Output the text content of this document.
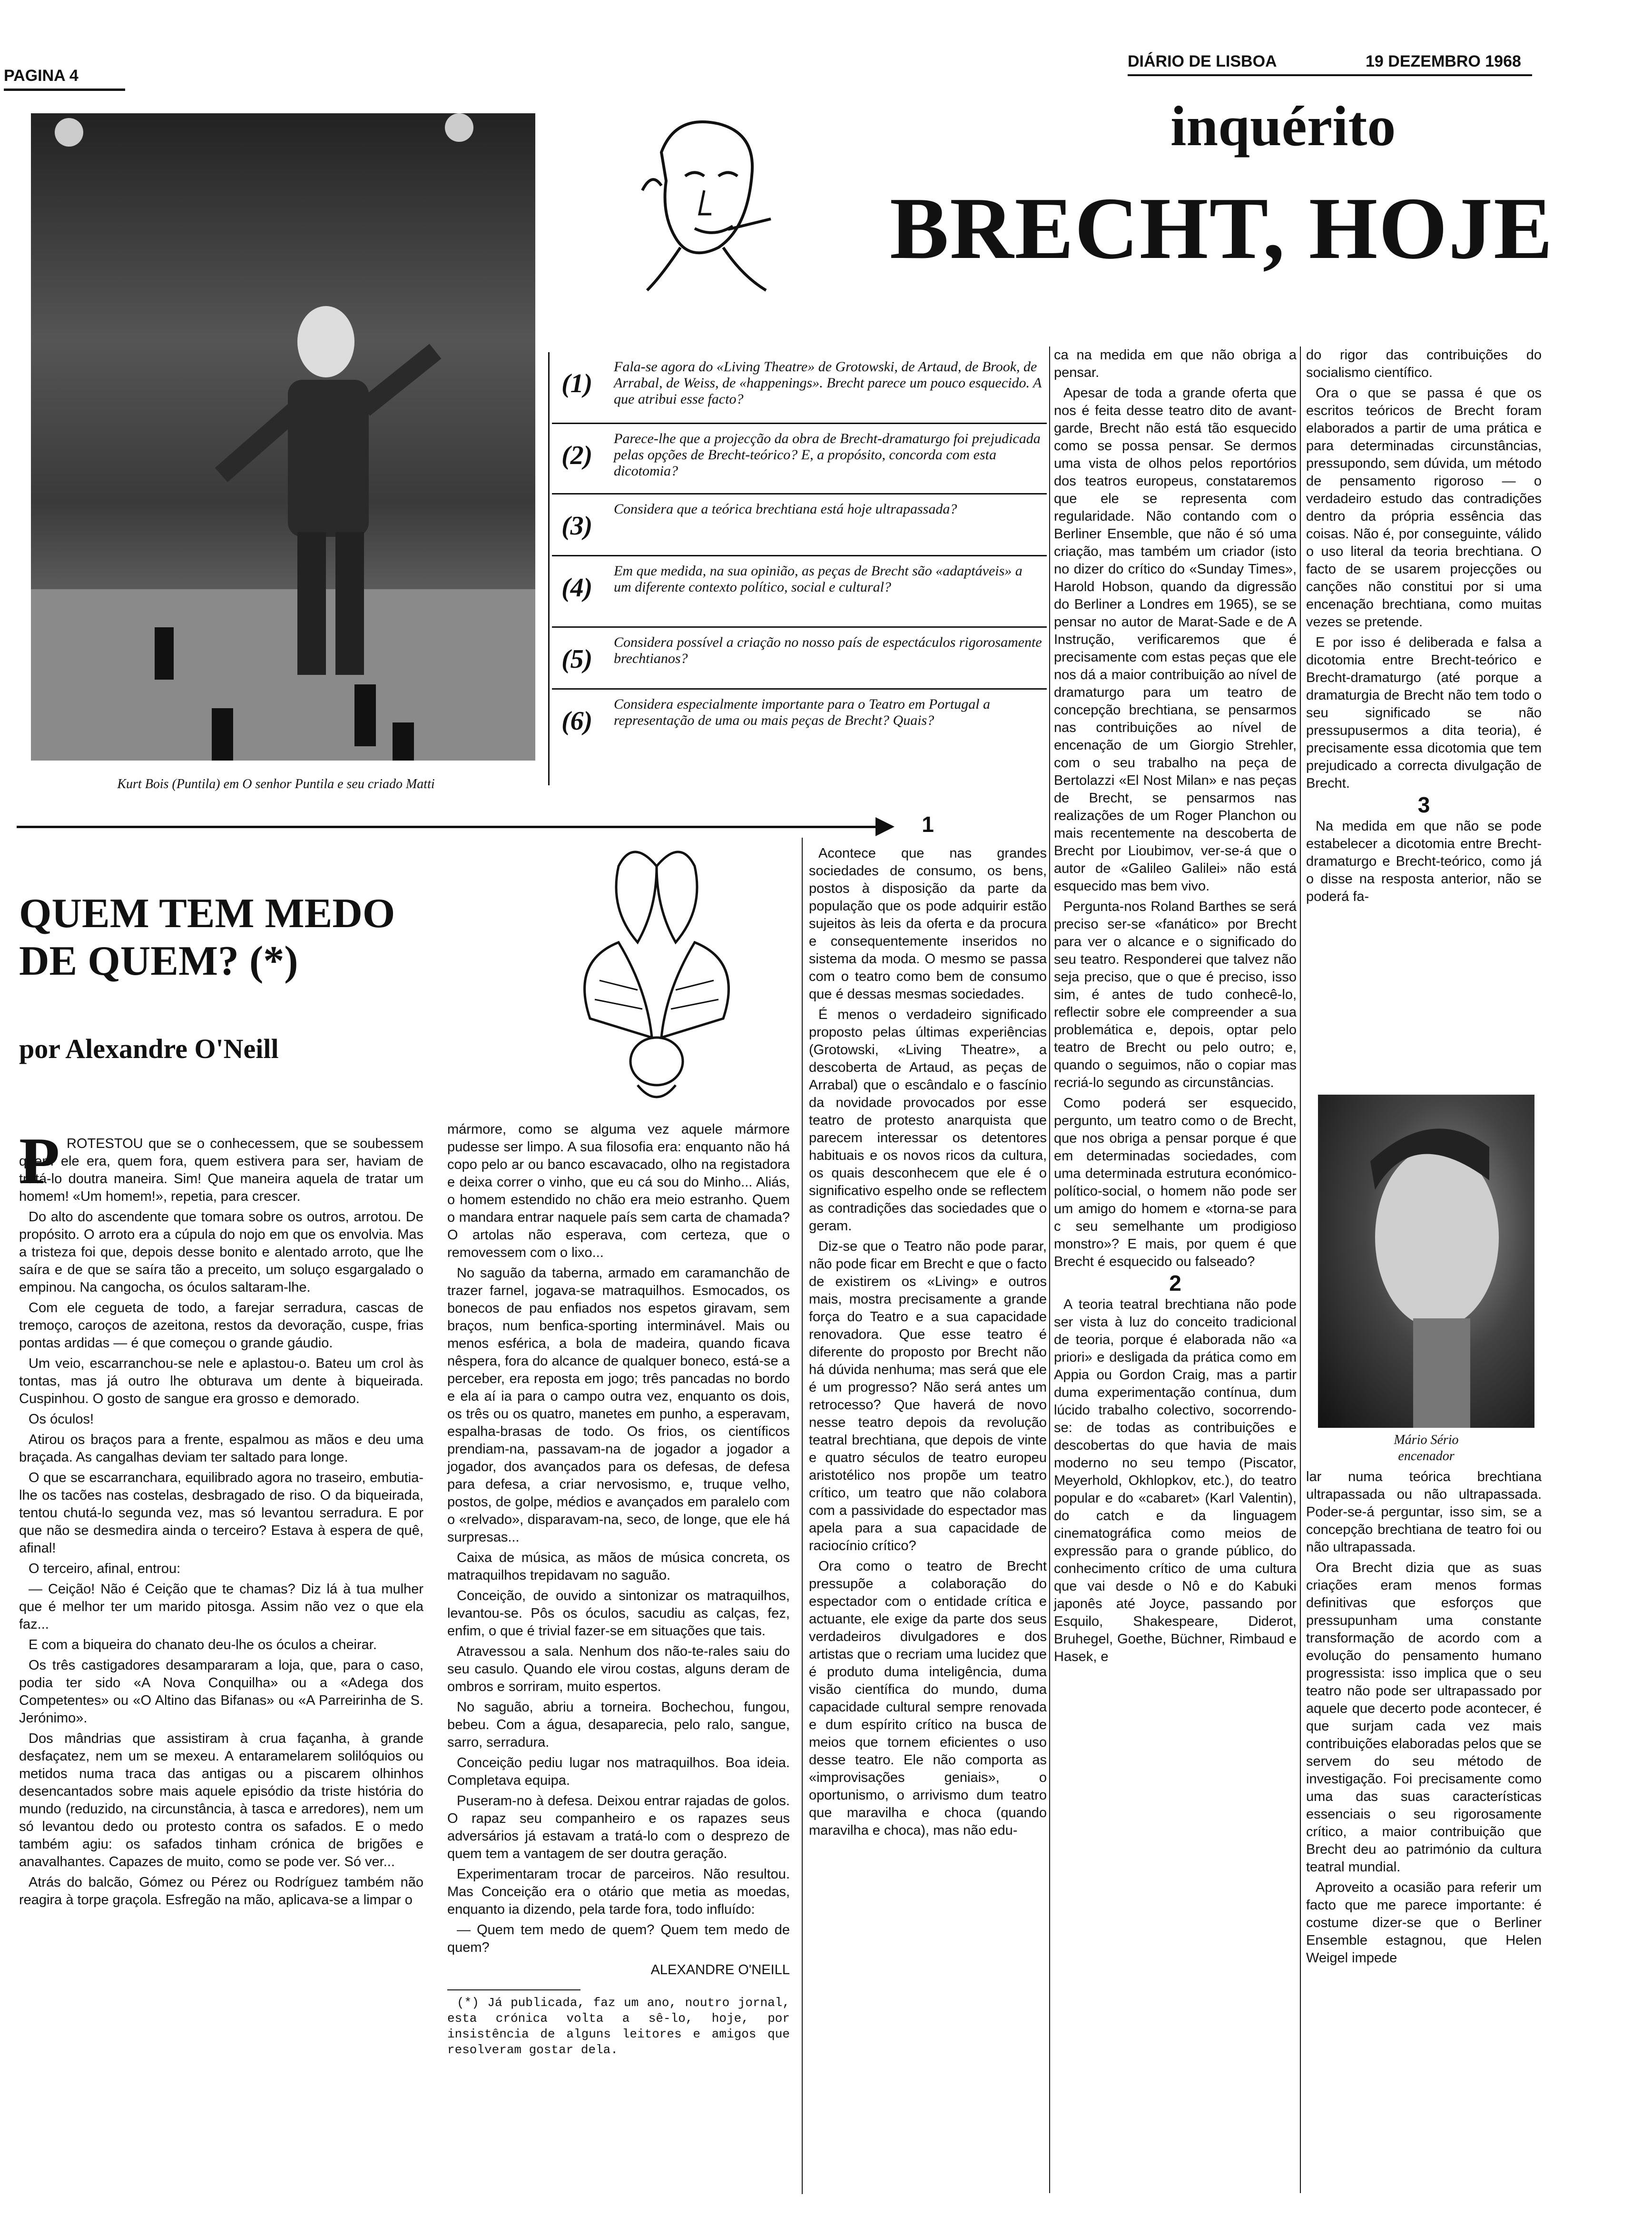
PAGINA 4
DIÁRIO DE LISBOA	19 DEZEMBRO 1968
Kurt Bois (Puntila) em O senhor Puntila e seu criado Matti
inquérito
BRECHT, HOJE
(1)
Fala-se agora do «Living Theatre» de Grotowski, de Artaud, de Brook, de Arrabal, de Weiss, de «happenings». Brecht parece um pouco esquecido. A que atribui esse facto?
(2)
Parece-lhe que a projecção da obra de Brecht-dramaturgo foi prejudicada pelas opções de Brecht-teórico? E, a propósito, concorda com esta dicotomia?
(3)
Considera que a teórica brechtiana está hoje ultrapassada?
(4)
Em que medida, na sua opinião, as peças de Brecht são «adaptáveis» a um diferente contexto político, social e cultural?
(5)
Considera possível a criação no nosso país de espectáculos rigorosamente brechtianos?
(6)
Considera especialmente importante para o Teatro em Portugal a representação de uma ou mais peças de Brecht? Quais?

ca na medida em que não obriga a pensar.

Apesar de toda a grande oferta que nos é feita desse teatro dito de avant-garde, Brecht não está tão esquecido como se possa pensar. Se dermos uma vista de olhos pelos reportórios dos teatros europeus, constataremos que ele se representa com regularidade. Não contando com o Berliner Ensemble, que não é só uma criação, mas também um criador (isto no dizer do crítico do «Sunday Times», Harold Hobson, quando da digressão do Berliner a Londres em 1965), se se pensar no autor de Marat-Sade e de A Instrução, verificaremos que é precisamente com estas peças que ele nos dá a maior contribuição ao nível de dramaturgo para um teatro de concepção brechtiana, se pensarmos nas contribuições ao nível de encenação de um Giorgio Strehler, com o seu trabalho na peça de Bertolazzi «El Nost Milan» e nas peças de Brecht, se pensarmos nas realizações de um Roger Planchon ou mais recentemente na descoberta de Brecht por Lioubimov, ver-se-á que o autor de «Galileo Galilei» não está esquecido mas bem vivo.

Pergunta-nos Roland Barthes se será preciso ser-se «fanático» por Brecht para ver o alcance e o significado do seu teatro. Responderei que talvez não seja preciso, que o que é preciso, isso sim, é antes de tudo conhecê-lo, reflectir sobre ele compreender a sua problemática e, depois, optar pelo teatro de Brecht ou pelo outro; e, quando o seguimos, não o copiar mas recriá-lo segundo as circunstâncias.

Como poderá ser esquecido, pergunto, um teatro como o de Brecht, que nos obriga a pensar porque é que em determinadas sociedades, com uma determinada estrutura económico-político-social, o homem não pode ser um amigo do homem e «torna-se para c seu semelhante um prodigioso monstro»? E mais, por quem é que Brecht é esquecido ou falseado?

2

A teoria teatral brechtiana não pode ser vista à luz do conceito tradicional de teoria, porque é elaborada não «a priori» e desligada da prática como em Appia ou Gordon Craig, mas a partir duma experimentação contínua, dum lúcido trabalho colectivo, socorrendo-se: de todas as contribuições e descobertas do que havia de mais moderno no seu tempo (Piscator, Meyerhold, Okhlopkov, etc.), do teatro popular e do «cabaret» (Karl Valentin), do catch e da linguagem cinematográfica como meios de expressão para o grande público, do conhecimento crítico de uma cultura que vai desde o Nô e do Kabuki japonês até Joyce, passando por Esquilo, Shakespeare, Diderot, Bruhegel, Goethe, Büchner, Rimbaud e Hasek, e

do rigor das contribuições do socialismo científico.

Ora o que se passa é que os escritos teóricos de Brecht foram elaborados a partir de uma prática e para determinadas circunstâncias, pressupondo, sem dúvida, um método de pensamento rigoroso — o verdadeiro estudo das contradições dentro da própria essência das coisas. Não é, por conseguinte, válido o uso literal da teoria brechtiana. O facto de se usarem projecções ou canções não constitui por si uma encenação brechtiana, como muitas vezes se pretende.

E por isso é deliberada e falsa a dicotomia entre Brecht-teórico e Brecht-dramaturgo (até porque a dramaturgia de Brecht não tem todo o seu significado se não pressupusermos a dita teoria), é precisamente essa dicotomia que tem prejudicado a correcta divulgação de Brecht.

3

Na medida em que não se pode estabelecer a dicotomia entre Brecht-dramaturgo e Brecht-teórico, como já o disse na resposta anterior, não se poderá fa-

Mário Sério
encenador

lar numa teórica brechtiana ultrapassada ou não ultrapassada. Poder-se-á perguntar, isso sim, se a concepção brechtiana de teatro foi ou não ultrapassada.

Ora Brecht dizia que as suas criações eram menos formas definitivas que esforços que pressupunham uma constante transformação de acordo com a evolução do pensamento humano progressista: isso implica que o seu teatro não pode ser ultrapassado por aquele que decerto pode acontecer, é que surjam cada vez mais contribuições elaboradas pelos que se servem do seu método de investigação. Foi precisamente como uma das suas características essenciais o seu rigorosamente crítico, a maior contribuição que Brecht deu ao património da cultura teatral mundial.

Aproveito a ocasião para referir um facto que me parece importante: é costume dizer-se que o Berliner Ensemble estagnou, que Helen Weigel impede

QUEM TEM MEDO DE QUEM? (*)
por Alexandre O'Neill
P ROTESTOU que se o conhecessem, que se soubessem quem ele era, quem fora, quem estivera para ser, haviam de tratá-lo doutra maneira. Sim! Que maneira aquela de tratar um homem! «Um homem!», repetia, para crescer.

Do alto do ascendente que tomara sobre os outros, arrotou. De propósito. O arroto era a cúpula do nojo em que os envolvia. Mas a tristeza foi que, depois desse bonito e alentado arroto, que lhe saíra e de que se saíra tão a preceito, um soluço esgargalado o empinou. Na cangocha, os óculos saltaram-lhe.

Com ele cegueta de todo, a farejar serradura, cascas de tremoço, caroços de azeitona, restos da devoração, cuspe, frias pontas ardidas — é que começou o grande gáudio.

Um veio, escarranchou-se nele e aplastou-o. Bateu um crol às tontas, mas já outro lhe obturava um dente à biqueirada. Cuspinhou. O gosto de sangue era grosso e demorado.

Os óculos!

Atirou os braços para a frente, espalmou as mãos e deu uma braçada. As cangalhas deviam ter saltado para longe.

O que se escarranchara, equilibrado agora no traseiro, embutia-lhe os tacões nas costelas, desbragado de riso. O da biqueirada, tentou chutá-lo segunda vez, mas só levantou serradura. E por que não se desmedira ainda o terceiro? Estava à espera de quê, afinal!

O terceiro, afinal, entrou:

— Ceição! Não é Ceição que te chamas? Diz lá à tua mulher que é melhor ter um marido pitosga. Assim não vez o que ela faz...

E com a biqueira do chanato deu-lhe os óculos a cheirar.

Os três castigadores desampararam a loja, que, para o caso, podia ter sido «A Nova Conquilha» ou a «Adega dos Competentes» ou «O Altino das Bifanas» ou «A Parreirinha de S. Jerónimo».

Dos mândrias que assistiram à crua façanha, à grande desfaçatez, nem um se mexeu. A entaramelarem solilóquios ou metidos numa traca das antigas ou a piscarem olhinhos desencantados sobre mais aquele episódio da triste história do mundo (reduzido, na circunstância, à tasca e arredores), nem um só levantou dedo ou protesto contra os safados. E o medo também agiu: os safados tinham crónica de brigões e anavalhantes. Capazes de muito, como se pode ver. Só ver...

Atrás do balcão, Gómez ou Pérez ou Rodríguez também não reagira à torpe graçola. Esfregão na mão, aplicava-se a limpar o

mármore, como se alguma vez aquele mármore pudesse ser limpo. A sua filosofia era: enquanto não há copo pelo ar ou banco escavacado, olho na registadora e deixa correr o vinho, que eu cá sou do Minho... Aliás, o homem estendido no chão era meio estranho. Quem o mandara entrar naquele país sem carta de chamada? O artolas não esperava, com certeza, que o removessem com o lixo...

No saguão da taberna, armado em caramanchão de trazer farnel, jogava-se matraquilhos. Esmocados, os bonecos de pau enfiados nos espetos giravam, sem braços, num benfica-sporting interminável. Mais ou menos esférica, a bola de madeira, quando ficava nêspera, fora do alcance de qualquer boneco, está-se a perceber, era reposta em jogo; três pancadas no bordo e ela aí ia para o campo outra vez, enquanto os dois, os três ou os quatro, manetes em punho, a esperavam, espalha-brasas de todo. Os frios, os científicos prendiam-na, passavam-na de jogador a jogador a jogador, dos avançados para os defesas, de defesa para defesa, a criar nervosismo, e, truque velho, postos, de golpe, médios e avançados em paralelo com o «relvado», disparavam-na, seco, de longe, que ele há surpresas...

Caixa de música, as mãos de música concreta, os matraquilhos trepidavam no saguão.

Conceição, de ouvido a sintonizar os matraquilhos, levantou-se. Pôs os óculos, sacudiu as calças, fez, enfim, o que é trivial fazer-se em situações que tais.

Atravessou a sala. Nenhum dos não-te-rales saiu do seu casulo. Quando ele virou costas, alguns deram de ombros e sorriram, muito espertos.

No saguão, abriu a torneira. Bochechou, fungou, bebeu. Com a água, desaparecia, pelo ralo, sangue, sarro, serradura.

Conceição pediu lugar nos matraquilhos. Boa ideia. Completava equipa.

Puseram-no à defesa. Deixou entrar rajadas de golos. O rapaz seu companheiro e os rapazes seus adversários já estavam a tratá-lo com o desprezo de quem tem a vantagem de ser doutra geração.

Experimentaram trocar de parceiros. Não resultou. Mas Conceição era o otário que metia as moedas, enquanto ia dizendo, pela tarde fora, todo influído:

— Quem tem medo de quem? Quem tem medo de quem?

ALEXANDRE O'NEILL

(*) Já publicada, faz um ano, noutro jornal, esta crónica volta a sê-lo, hoje, por insistência de alguns leitores e amigos que resolveram gostar dela.

1

Acontece que nas grandes sociedades de consumo, os bens, postos à disposição da parte da população que os pode adquirir estão sujeitos às leis da oferta e da procura e consequentemente inseridos no sistema da moda. O mesmo se passa com o teatro como bem de consumo que é dessas mesmas sociedades.

É menos o verdadeiro significado proposto pelas últimas experiências (Grotowski, «Living Theatre», a descoberta de Artaud, as peças de Arrabal) que o escândalo e o fascínio da novidade provocados por esse teatro de protesto anarquista que parecem interessar os detentores habituais e os novos ricos da cultura, os quais desconhecem que ele é o significativo espelho onde se reflectem as contradições das sociedades que o geram.

Diz-se que o Teatro não pode parar, não pode ficar em Brecht e que o facto de existirem os «Living» e outros mais, mostra precisamente a grande força do Teatro e a sua capacidade renovadora. Que esse teatro é diferente do proposto por Brecht não há dúvida nenhuma; mas será que ele é um progresso? Não será antes um retrocesso? Que haverá de novo nesse teatro depois da revolução teatral brechtiana, que depois de vinte e quatro séculos de teatro europeu aristotélico nos propõe um teatro crítico, um teatro que não colabora com a passividade do espectador mas apela para a sua capacidade de raciocínio crítico?

Ora como o teatro de Brecht pressupõe a colaboração do espectador com o entidade crítica e actuante, ele exige da parte dos seus verdadeiros divulgadores e dos artistas que o recriam uma lucidez que é produto duma inteligência, duma visão científica do mundo, duma capacidade cultural sempre renovada e dum espírito crítico na busca de meios que tornem eficientes o uso desse teatro. Ele não comporta as «improvisações geniais», o oportunismo, o arrivismo dum teatro que maravilha e choca (quando maravilha e choca), mas não edu-
